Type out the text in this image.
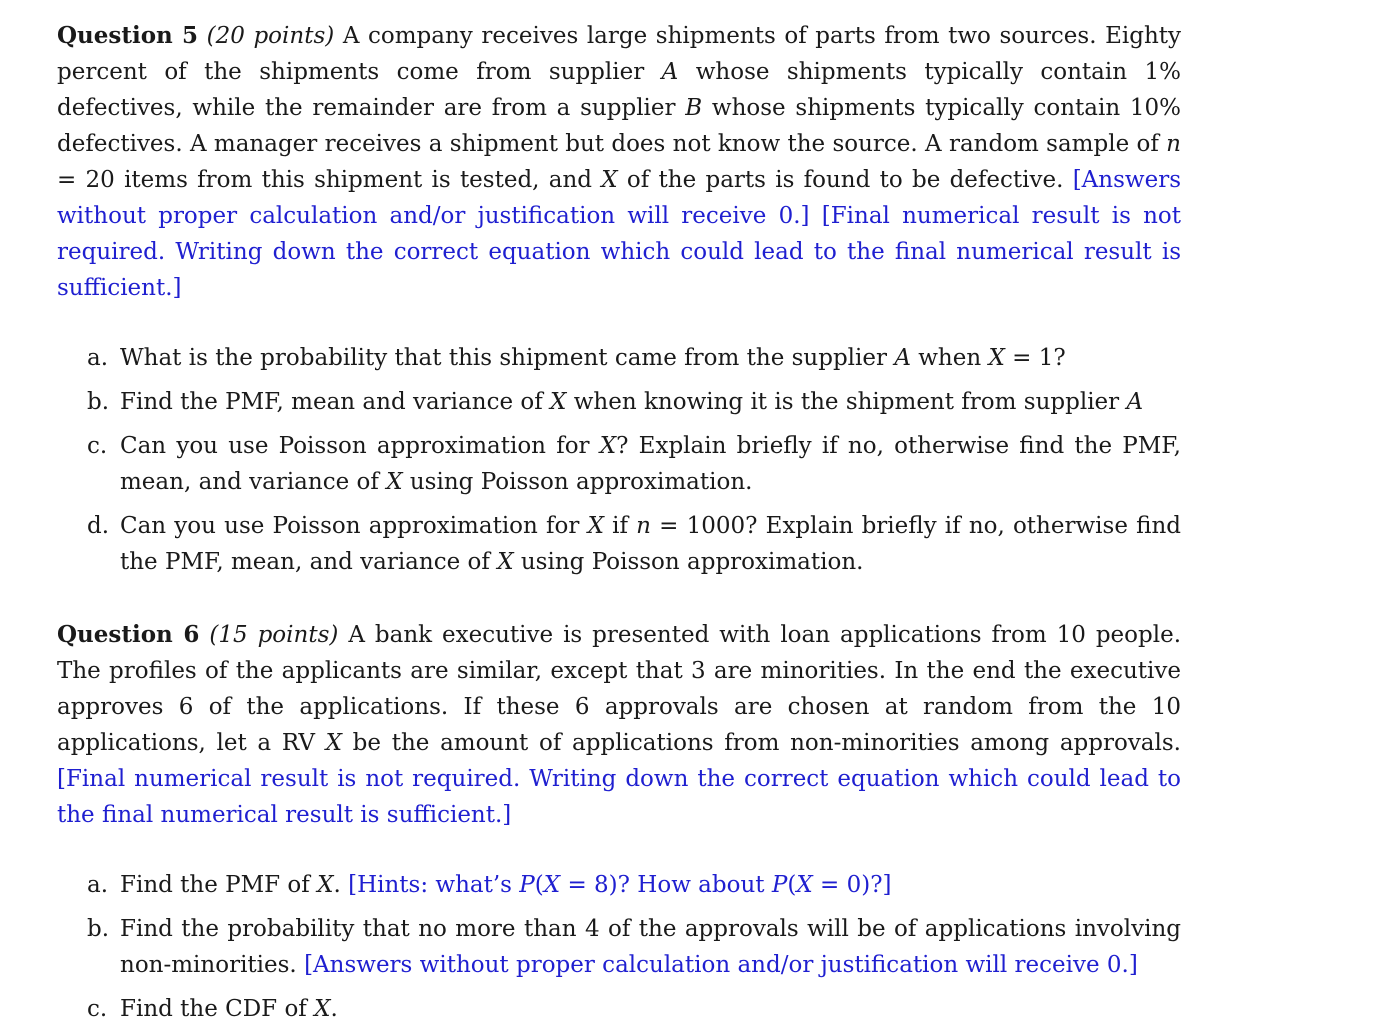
Question 5 (20 points) A company receives large shipments of parts from two sources. Eighty percent of the shipments come from supplier A whose shipments typically contain 1% defectives, while the remainder are from a supplier B whose shipments typically contain 10% defectives. A manager receives a shipment but does not know the source. A random sample of n = 20 items from this shipment is tested, and X of the parts is found to be defective. [Answers without proper calculation and/or justification will receive 0.] [Final numerical result is not required. Writing down the correct equation which could lead to the final numerical result is sufficient.]

a. What is the probability that this shipment came from the supplier A when X = 1?
b. Find the PMF, mean and variance of X when knowing it is the shipment from supplier A
c. Can you use Poisson approximation for X? Explain briefly if no, otherwise find the PMF, mean, and variance of X using Poisson approximation.
d. Can you use Poisson approximation for X if n = 1000? Explain briefly if no, otherwise find the PMF, mean, and variance of X using Poisson approximation.

Question 6 (15 points) A bank executive is presented with loan applications from 10 people. The profiles of the applicants are similar, except that 3 are minorities. In the end the executive approves 6 of the applications. If these 6 approvals are chosen at random from the 10 applications, let a RV X be the amount of applications from non-minorities among approvals. [Final numerical result is not required. Writing down the correct equation which could lead to the final numerical result is sufficient.]

a. Find the PMF of X. [Hints: what’s P(X = 8)? How about P(X = 0)?]
b. Find the probability that no more than 4 of the approvals will be of applications involving non-minorities. [Answers without proper calculation and/or justification will receive 0.]
c. Find the CDF of X.
